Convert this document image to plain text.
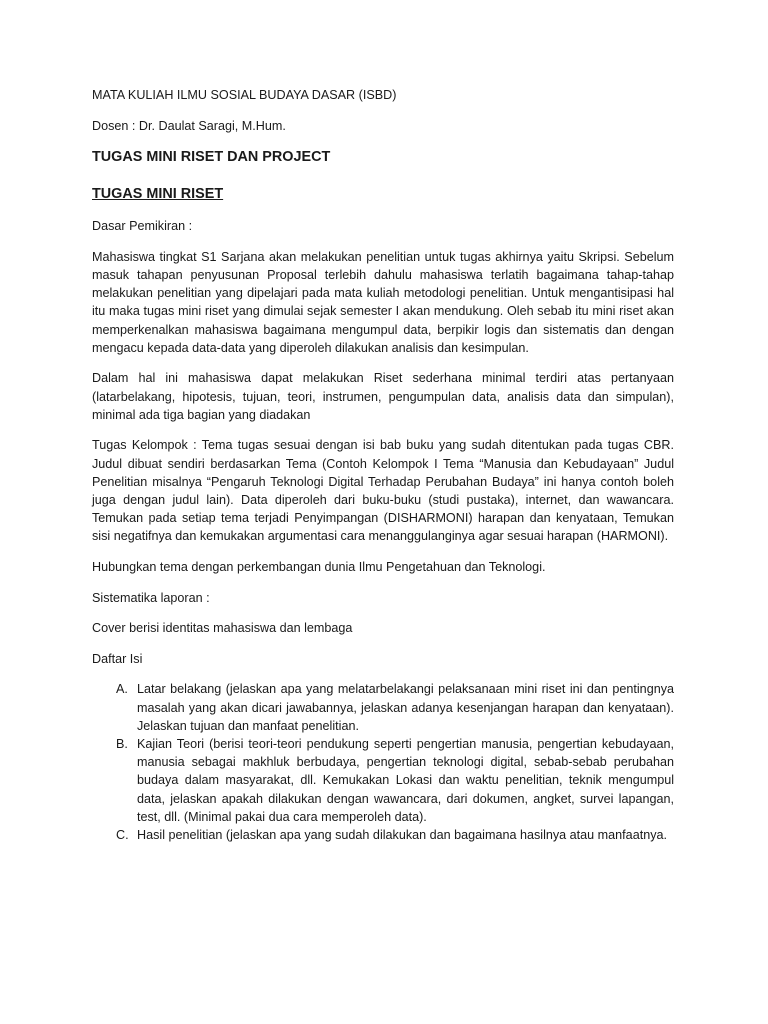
MATA KULIAH ILMU SOSIAL BUDAYA DASAR (ISBD)

Dosen : Dr. Daulat Saragi, M.Hum.

TUGAS MINI RISET DAN PROJECT

TUGAS MINI RISET

Dasar Pemikiran :

Mahasiswa tingkat S1 Sarjana akan melakukan penelitian untuk tugas akhirnya yaitu Skripsi. Sebelum masuk tahapan penyusunan Proposal terlebih dahulu mahasiswa terlatih bagaimana tahap-tahap melakukan penelitian yang dipelajari pada mata kuliah metodologi penelitian. Untuk mengantisipasi hal itu maka tugas mini riset yang dimulai sejak semester I akan mendukung. Oleh sebab itu mini riset akan memperkenalkan mahasiswa bagaimana mengumpul data, berpikir logis dan sistematis dan dengan mengacu kepada data-data yang diperoleh dilakukan analisis dan kesimpulan.

Dalam hal ini mahasiswa dapat melakukan Riset sederhana minimal terdiri atas pertanyaan (latarbelakang, hipotesis, tujuan, teori, instrumen, pengumpulan data, analisis data dan simpulan), minimal ada tiga bagian yang diadakan

Tugas Kelompok : Tema tugas sesuai dengan isi bab buku yang sudah ditentukan pada tugas CBR. Judul dibuat sendiri berdasarkan Tema (Contoh Kelompok I Tema “Manusia dan Kebudayaan” Judul Penelitian misalnya “Pengaruh Teknologi Digital Terhadap Perubahan Budaya” ini hanya contoh boleh juga dengan judul lain). Data diperoleh dari buku-buku (studi pustaka), internet, dan wawancara. Temukan pada setiap tema terjadi Penyimpangan (DISHARMONI) harapan dan kenyataan, Temukan sisi negatifnya dan kemukakan argumentasi cara menanggulanginya agar sesuai harapan (HARMONI).

Hubungkan tema dengan perkembangan dunia Ilmu Pengetahuan dan Teknologi.

Sistematika laporan :

Cover berisi identitas mahasiswa dan lembaga

Daftar Isi

A. Latar belakang (jelaskan apa yang melatarbelakangi pelaksanaan mini riset ini dan pentingnya masalah yang akan dicari jawabannya, jelaskan adanya kesenjangan harapan dan kenyataan). Jelaskan tujuan dan manfaat penelitian.
B. Kajian Teori (berisi teori-teori pendukung seperti pengertian manusia, pengertian kebudayaan, manusia sebagai makhluk berbudaya, pengertian teknologi digital, sebab-sebab perubahan budaya dalam masyarakat, dll. Kemukakan Lokasi dan waktu penelitian, teknik mengumpul data, jelaskan apakah dilakukan dengan wawancara, dari dokumen, angket, survei lapangan, test, dll. (Minimal pakai dua cara memperoleh data).
C. Hasil penelitian (jelaskan apa yang sudah dilakukan dan bagaimana hasilnya atau manfaatnya.
